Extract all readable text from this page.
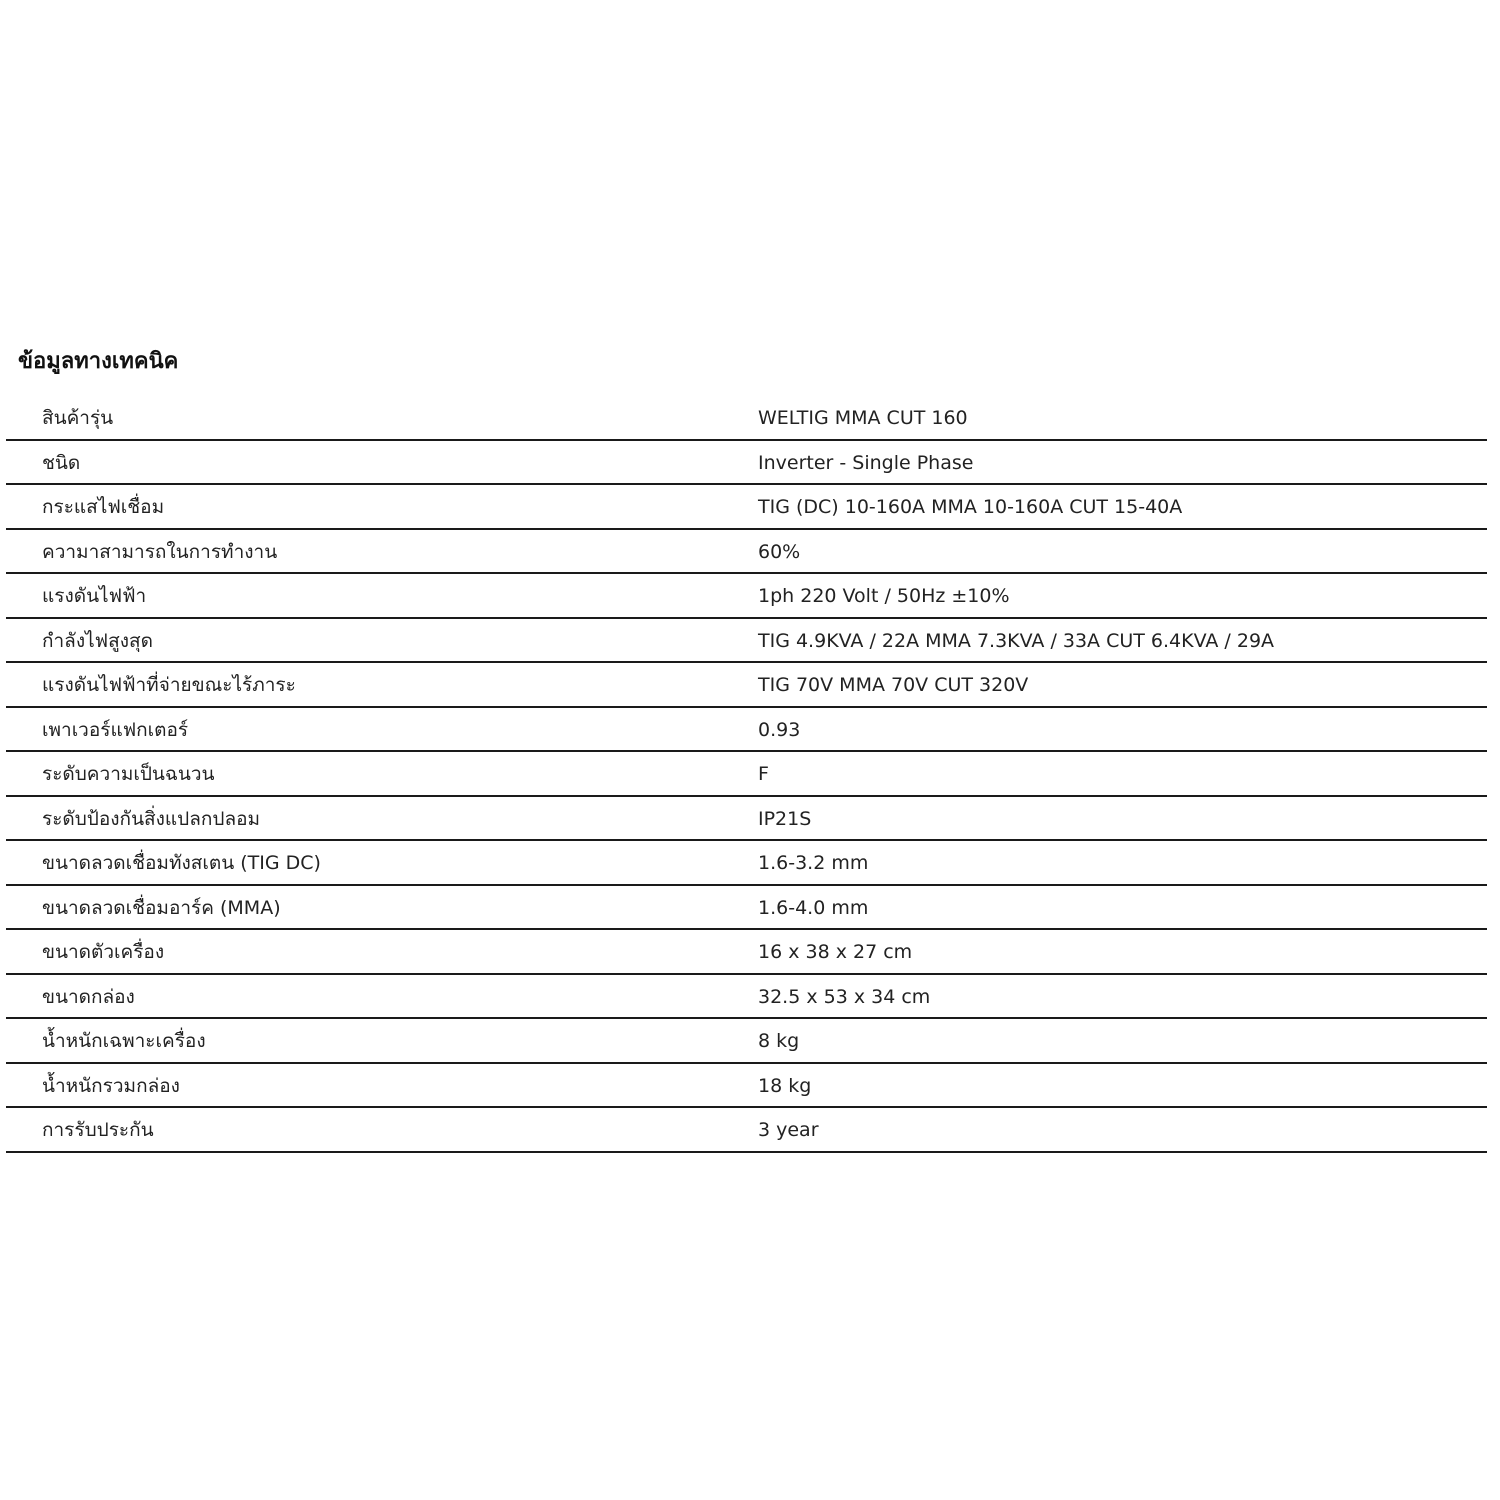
ข้อมูลทางเทคนิค
สินค้ารุ่น	WELTIG MMA CUT 160
ชนิด	Inverter - Single Phase
กระแสไฟเชื่อม	TIG (DC) 10-160A MMA 10-160A CUT 15-40A
ความาสามารถในการทำงาน	60%
แรงดันไฟฟ้า	1ph 220 Volt / 50Hz ±10%
กำลังไฟสูงสุด	TIG 4.9KVA / 22A MMA 7.3KVA / 33A CUT 6.4KVA / 29A
แรงดันไฟฟ้าที่จ่ายขณะไร้ภาระ	TIG 70V MMA 70V CUT 320V
เพาเวอร์แฟกเตอร์	0.93
ระดับความเป็นฉนวน	F
ระดับป้องกันสิ่งแปลกปลอม	IP21S
ขนาดลวดเชื่อมทังสเตน (TIG DC)	1.6-3.2 mm
ขนาดลวดเชื่อมอาร์ค (MMA)	1.6-4.0 mm
ขนาดตัวเครื่อง	16 x 38 x 27 cm
ขนาดกล่อง	32.5 x 53 x 34 cm
น้ำหนักเฉพาะเครื่อง	8 kg
น้ำหนักรวมกล่อง	18 kg
การรับประกัน	3 year
